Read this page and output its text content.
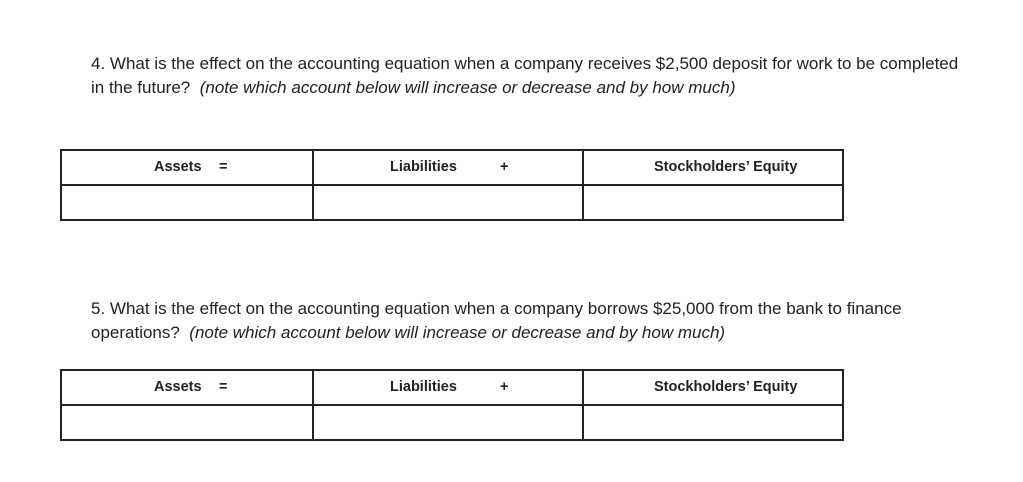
4. What is the effect on the accounting equation when a company receives $2,500 deposit for work to be completed in the future? (note which account below will increase or decrease and by how much)
Assets =	Liabilities +	Stockholders’ Equity

5. What is the effect on the accounting equation when a company borrows $25,000 from the bank to finance operations? (note which account below will increase or decrease and by how much)
Assets =	Liabilities +	Stockholders’ Equity
